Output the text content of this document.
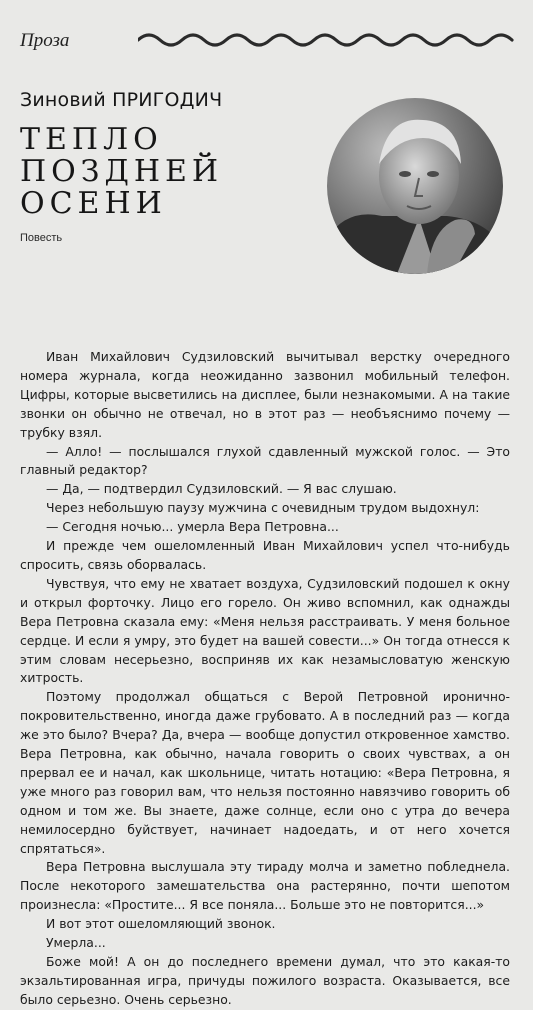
Проза
Зиновий ПРИГОДИЧ
ТЕПЛО
ПОЗДНЕЙ
ОСЕНИ
Повесть

Иван Михайлович Судзиловский вычитывал верстку очередного номера журнала, когда неожиданно зазвонил мобильный телефон. Цифры, которые высветились на дисплее, были незнакомыми. А на такие звонки он обычно не отвечал, но в этот раз — необъяснимо почему — трубку взял.

— Алло! — послышался глухой сдавленный мужской голос. — Это главный редактор?

— Да, — подтвердил Судзиловский. — Я вас слушаю.

Через небольшую паузу мужчина с очевидным трудом выдохнул:

— Сегодня ночью... умерла Вера Петровна...

И прежде чем ошеломленный Иван Михайлович успел что-нибудь спросить, связь оборвалась.

Чувствуя, что ему не хватает воздуха, Судзиловский подошел к окну и открыл форточку. Лицо его горело. Он живо вспомнил, как однажды Вера Петровна сказала ему: «Меня нельзя расстраивать. У меня больное сердце. И если я умру, это будет на вашей совести...» Он тогда отнесся к этим словам несерьезно, восприняв их как незамысловатую женскую хитрость.

Поэтому продолжал общаться с Верой Петровной иронично-покровительственно, иногда даже грубовато. А в последний раз — когда же это было? Вчера? Да, вчера — вообще допустил откровенное хамство. Вера Петровна, как обычно, начала говорить о своих чувствах, а он прервал ее и начал, как школьнице, читать нотацию: «Вера Петровна, я уже много раз говорил вам, что нельзя постоянно навязчиво говорить об одном и том же. Вы знаете, даже солнце, если оно с утра до вечера немилосердно буйствует, начинает надоедать, и от него хочется спрятаться».

Вера Петровна выслушала эту тираду молча и заметно побледнела. После некоторого замешательства она растерянно, почти шепотом произнесла: «Простите... Я все поняла... Больше это не повторится...»

И вот этот ошеломляющий звонок.

Умерла...

Боже мой! А он до последнего времени думал, что это какая-то экзальтированная игра, причуды пожилого возраста. Оказывается, все было серьезно. Очень серьезно.
